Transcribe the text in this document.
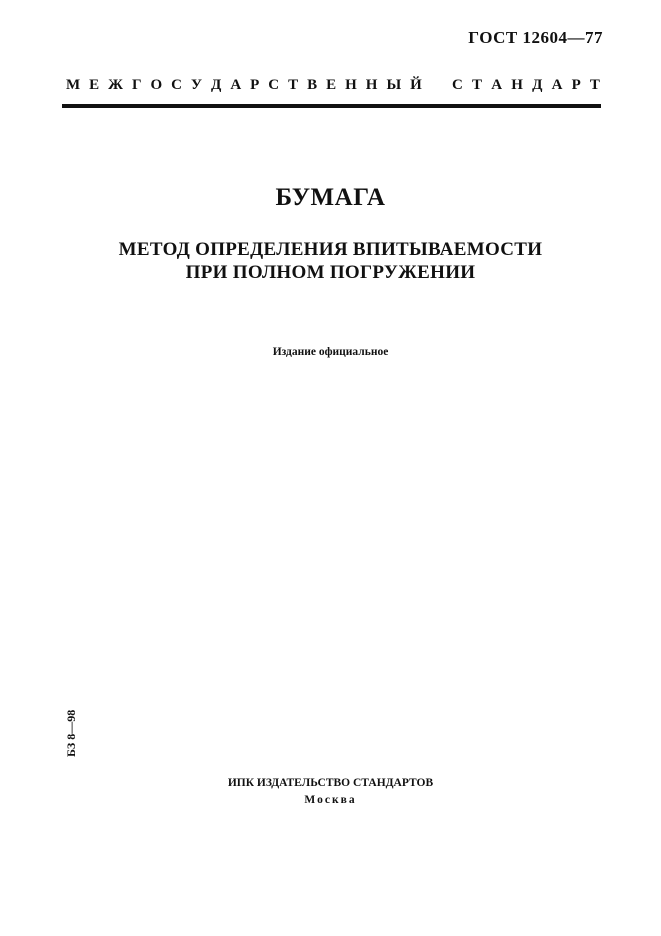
ГОСТ 12604—77
М Е Ж Г О С У Д А Р С Т В Е Н Н Ы Й С Т А Н Д А Р Т
БУМАГА
МЕТОД ОПРЕДЕЛЕНИЯ ВПИТЫВАЕМОСТИ
ПРИ ПОЛНОМ ПОГРУЖЕНИИ
Издание официальное
БЗ 8—98
ИПК ИЗДАТЕЛЬСТВО СТАНДАРТОВ
Москва
